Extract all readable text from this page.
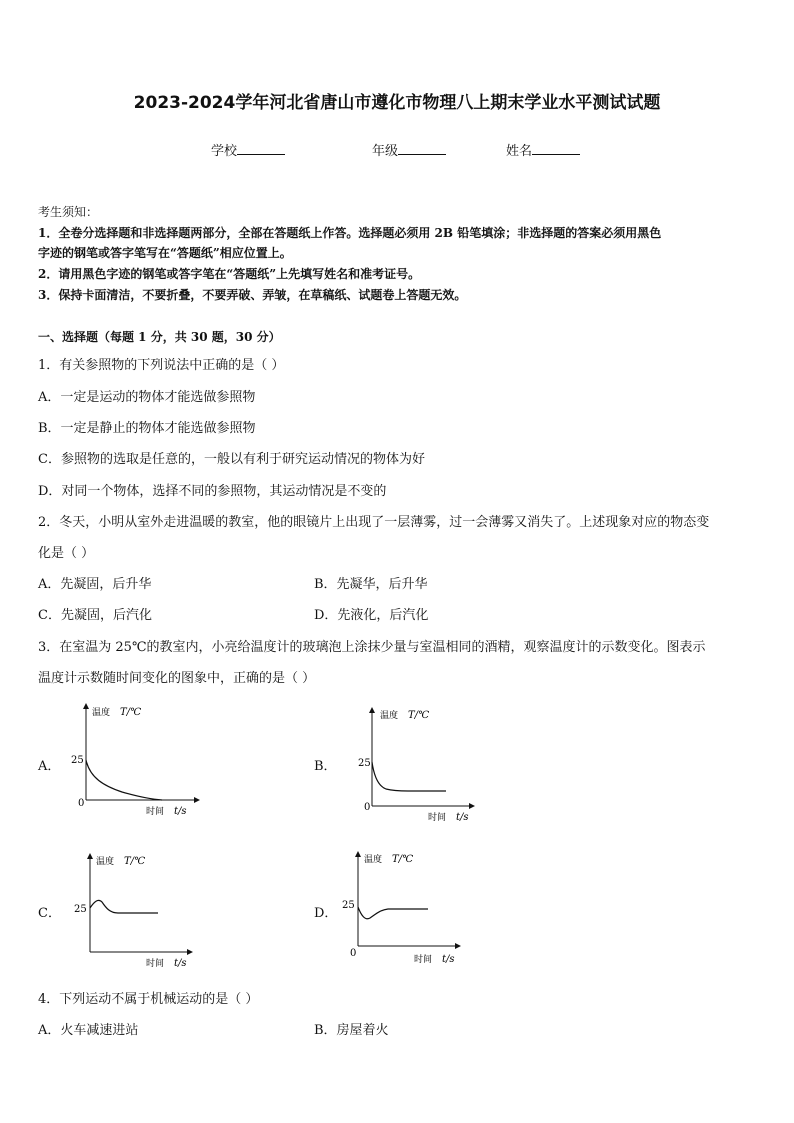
2023-2024学年河北省唐山市遵化市物理八上期末学业水平测试试题
学校	年级	姓名
考生须知：
1．全卷分选择题和非选择题两部分，全部在答题纸上作答。选择题必须用 2B 铅笔填涂；非选择题的答案必须用黑色
字迹的钢笔或答字笔写在“答题纸”相应位置上。
2．请用黑色字迹的钢笔或答字笔在“答题纸”上先填写姓名和准考证号。
3．保持卡面清洁，不要折叠，不要弄破、弄皱，在草稿纸、试题卷上答题无效。
一、选择题（每题 1 分，共 30 题，30 分）
1．有关参照物的下列说法中正确的是（ ）
A．一定是运动的物体才能选做参照物
B．一定是静止的物体才能选做参照物
C．参照物的选取是任意的，一般以有利于研究运动情况的物体为好
D．对同一个物体，选择不同的参照物，其运动情况是不变的
2．冬天，小明从室外走进温暖的教室，他的眼镜片上出现了一层薄雾，过一会薄雾又消失了。上述现象对应的物态变
化是（ ）
A．先凝固，后升华	B．先凝华，后升华
C．先凝固，后汽化	D．先液化，后汽化
3．在室温为 25℃的教室内，小亮给温度计的玻璃泡上涂抹少量与室温相同的酒精，观察温度计的示数变化。图表示
温度计示数随时间变化的图象中，正确的是（ ）
A．
温度 T/℃
25
0
时间 t/s
B．
温度 T/℃
25
0
时间 t/s
C．
温度 T/℃
25
时间 t/s
D．
温度 T/℃
25
0
时间 t/s
4．下列运动不属于机械运动的是（ ）
A．火车减速进站	B．房屋着火
